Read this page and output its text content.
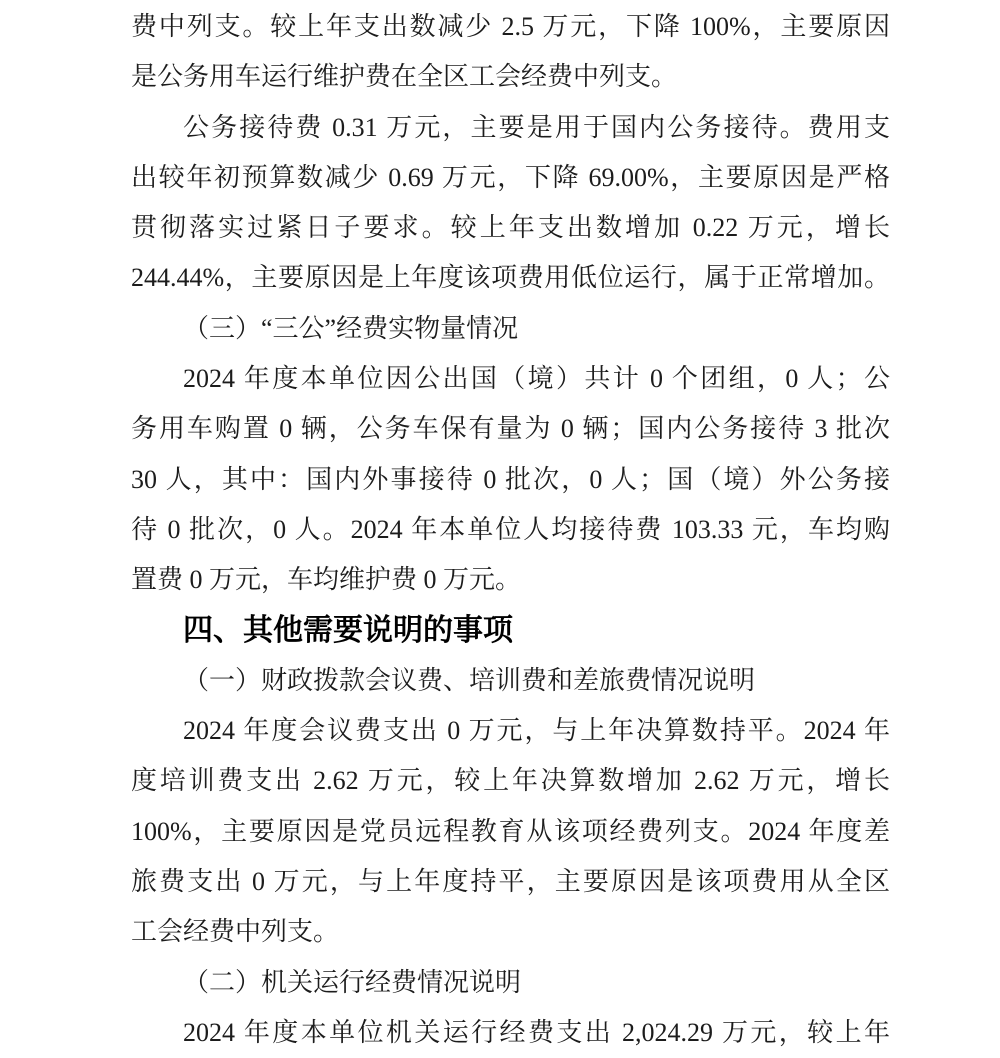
费中列支。较上年支出数减少 2.5 万元，下降 100%，主要原因
是公务用车运行维护费在全区工会经费中列支。
公务接待费 0.31 万元，主要是用于国内公务接待。费用支
出较年初预算数减少 0.69 万元，下降 69.00%，主要原因是严格
贯彻落实过紧日子要求。较上年支出数增加 0.22 万元，增长
244.44%，主要原因是上年度该项费用低位运行，属于正常增加。
（三）“三公”经费实物量情况
2024 年度本单位因公出国（境）共计 0 个团组，0 人；公
务用车购置 0 辆，公务车保有量为 0 辆；国内公务接待 3 批次
30 人，其中：国内外事接待 0 批次，0 人；国（境）外公务接
待 0 批次，0 人。2024 年本单位人均接待费 103.33 元，车均购
置费 0 万元，车均维护费 0 万元。
四、其他需要说明的事项
（一）财政拨款会议费、培训费和差旅费情况说明
2024 年度会议费支出 0 万元，与上年决算数持平。2024 年
度培训费支出 2.62 万元，较上年决算数增加 2.62 万元，增长
100%，主要原因是党员远程教育从该项经费列支。2024 年度差
旅费支出 0 万元，与上年度持平，主要原因是该项费用从全区
工会经费中列支。
（二）机关运行经费情况说明
2024 年度本单位机关运行经费支出 2,024.29 万元，较上年
